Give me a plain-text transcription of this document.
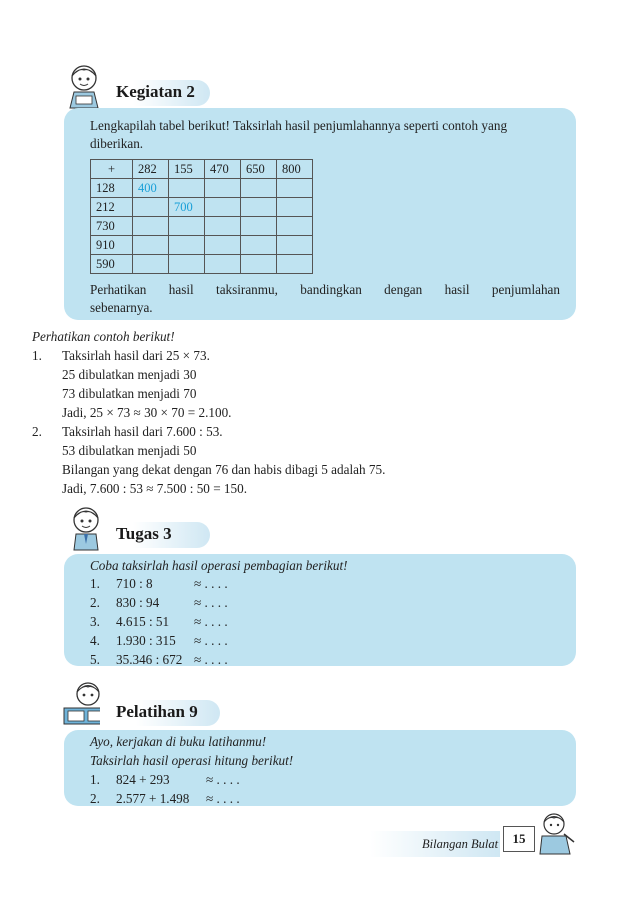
Kegiatan 2
Lengkapilah tabel berikut! Taksirlah hasil penjumlahannya seperti contoh yang
diberikan.
+	282	155	470	650	800
128	400				
212		700			
730					
910					
590					
Perhatikan hasil taksiranmu, bandingkan dengan hasil penjumlahan
sebenarnya.
Perhatikan contoh berikut!
1. Taksirlah hasil dari 25 × 73.
25 dibulatkan menjadi 30
73 dibulatkan menjadi 70
Jadi, 25 × 73 ≈ 30 × 70 = 2.100.
2. Taksirlah hasil dari 7.600 : 53.
53 dibulatkan menjadi 50
Bilangan yang dekat dengan 76 dan habis dibagi 5 adalah 75.
Jadi, 7.600 : 53 ≈ 7.500 : 50 = 150.
Tugas 3
Coba taksirlah hasil operasi pembagian berikut!
1. 710 : 8	≈ . . . .
2. 830 : 94	≈ . . . .
3. 4.615 : 51 ≈ . . . .
4. 1.930 : 315 ≈ . . . .
5. 35.346 : 672 ≈ . . . .
Pelatihan 9
Ayo, kerjakan di buku latihanmu!
Taksirlah hasil operasi hitung berikut!
1. 824 + 293	≈ . . . .
2. 2.577 + 1.498 ≈ . . . .
Bilangan Bulat	15
